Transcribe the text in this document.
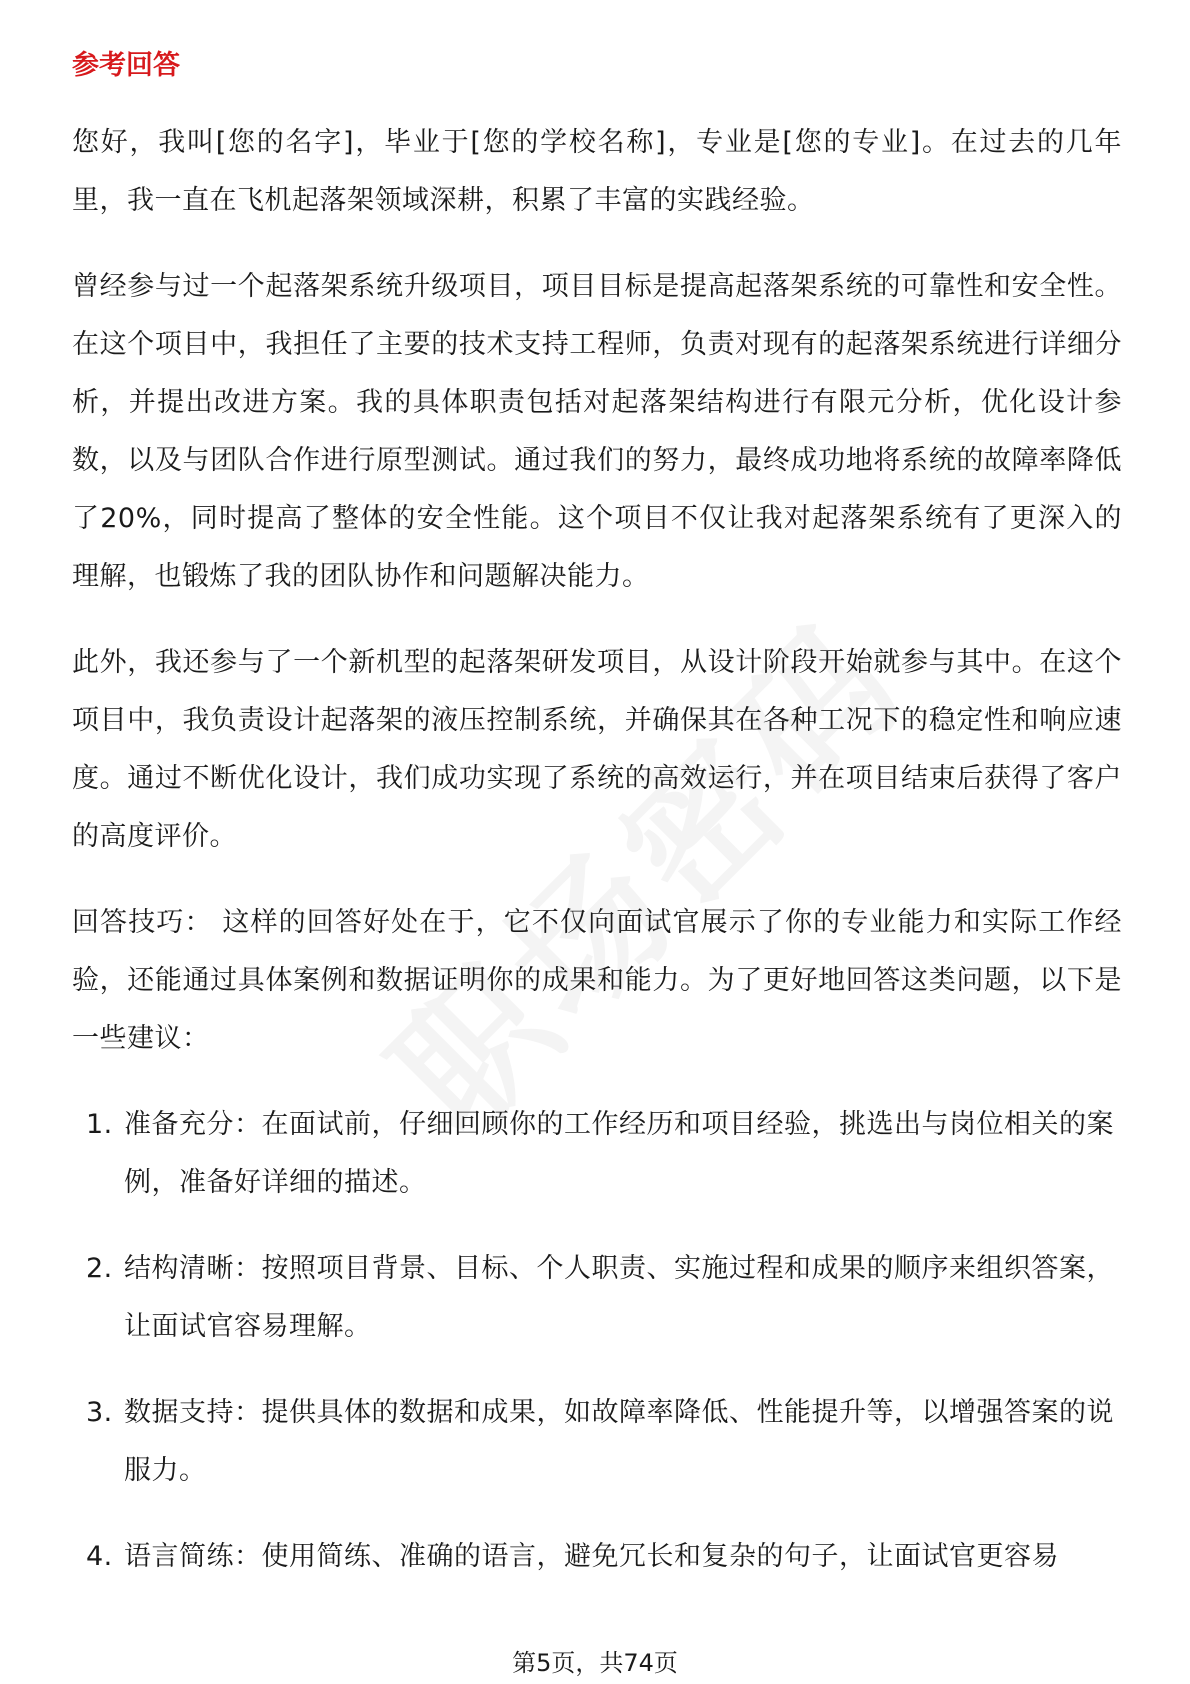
参考回答

您好，我叫[您的名字]，毕业于[您的学校名称]，专业是[您的专业]。在过去的几年里，我一直在飞机起落架领域深耕，积累了丰富的实践经验。

曾经参与过一个起落架系统升级项目，项目目标是提高起落架系统的可靠性和安全性。在这个项目中，我担任了主要的技术支持工程师，负责对现有的起落架系统进行详细分析，并提出改进方案。我的具体职责包括对起落架结构进行有限元分析，优化设计参数，以及与团队合作进行原型测试。通过我们的努力，最终成功地将系统的故障率降低了20%，同时提高了整体的安全性能。这个项目不仅让我对起落架系统有了更深入的理解，也锻炼了我的团队协作和问题解决能力。

此外，我还参与了一个新机型的起落架研发项目，从设计阶段开始就参与其中。在这个项目中，我负责设计起落架的液压控制系统，并确保其在各种工况下的稳定性和响应速度。通过不断优化设计，我们成功实现了系统的高效运行，并在项目结束后获得了客户的高度评价。

回答技巧： 这样的回答好处在于，它不仅向面试官展示了你的专业能力和实际工作经验，还能通过具体案例和数据证明你的成果和能力。为了更好地回答这类问题，以下是一些建议：

1. 准备充分：在面试前，仔细回顾你的工作经历和项目经验，挑选出与岗位相关的案例，准备好详细的描述。
2. 结构清晰：按照项目背景、目标、个人职责、实施过程和成果的顺序来组织答案，让面试官容易理解。
3. 数据支持：提供具体的数据和成果，如故障率降低、性能提升等，以增强答案的说服力。
4. 语言简练：使用简练、准确的语言，避免冗长和复杂的句子，让面试官更容易
第5页，共74页
